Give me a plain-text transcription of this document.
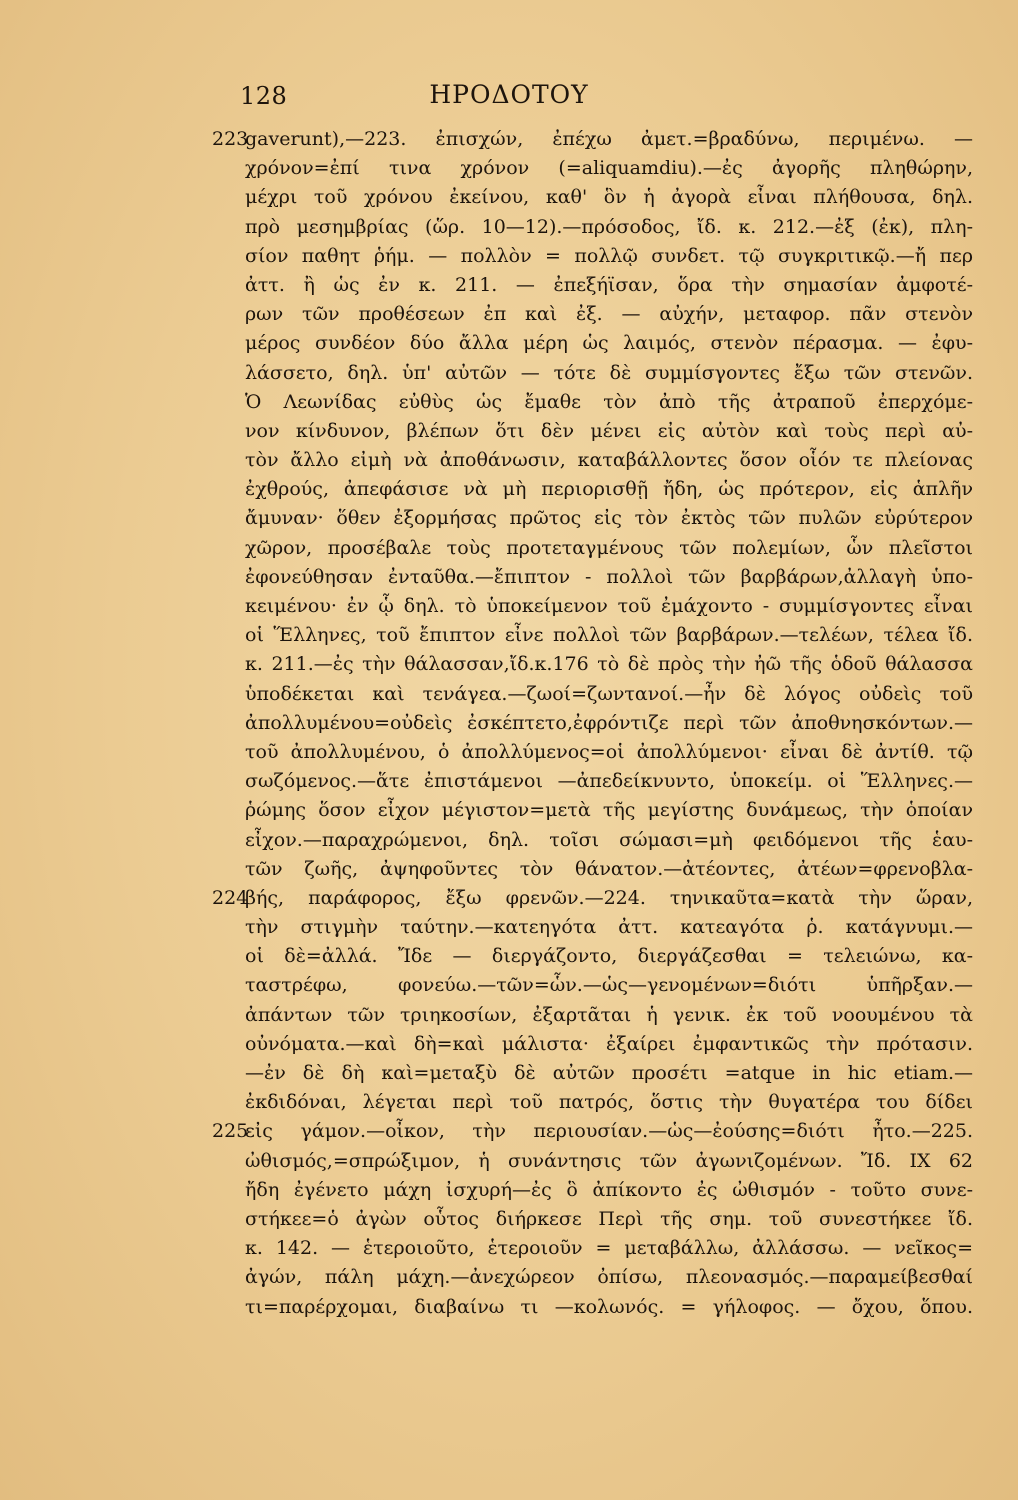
128	ΗΡΟΔΟΤΟΥ
223
gaverunt),—223. ἐπισχών, ἐπέχω ἀμετ.=βραδύνω, περιμένω. —
χρόνον=ἐπί τινα χρόνον (=aliquamdiu).—ἐς ἀγορῆς πληθώρην,
μέχρι τοῦ χρόνου ἐκείνου, καθ' ὃν ἡ ἀγορὰ εἶναι πλήθουσα, δηλ.
πρὸ μεσημβρίας (ὥρ. 10—12).—πρόσοδος, ἴδ. κ. 212.—ἐξ (ἐκ), πλη-
σίον παθητ ῥήμ. — πολλὸν = πολλῷ συνδετ. τῷ συγκριτικῷ.—ἤ περ
ἀττ. ἢ ὡς ἐν κ. 211. — ἐπεξήϊσαν, ὅρα τὴν σημασίαν ἀμφοτέ-
ρων τῶν προθέσεων ἐπ καὶ ἐξ. — αὐχήν, μεταφορ. πᾶν στενὸν
μέρος συνδέον δύο ἄλλα μέρη ὡς λαιμός, στενὸν πέρασμα. — ἐφυ-
λάσσετο, δηλ. ὑπ' αὐτῶν — τότε δὲ συμμίσγοντες ἔξω τῶν στενῶν.
Ὁ Λεωνίδας εὐθὺς ὡς ἔμαθε τὸν ἀπὸ τῆς ἀτραποῦ ἐπερχόμε-
νον κίνδυνον, βλέπων ὅτι δὲν μένει εἰς αὐτὸν καὶ τοὺς περὶ αὐ-
τὸν ἄλλο εἰμὴ νὰ ἀποθάνωσιν, καταβάλλοντες ὅσον οἷόν τε πλείονας
ἐχθρούς, ἀπεφάσισε νὰ μὴ περιορισθῇ ἤδη, ὡς πρότερον, εἰς ἁπλῆν
ἄμυναν· ὅθεν ἐξορμήσας πρῶτος εἰς τὸν ἐκτὸς τῶν πυλῶν εὐρύτερον
χῶρον, προσέβαλε τοὺς προτεταγμένους τῶν πολεμίων, ὧν πλεῖστοι
ἐφονεύθησαν ἐνταῦθα.—ἔπιπτον - πολλοὶ τῶν βαρβάρων,ἀλλαγὴ ὑπο-
κειμένου· ἐν ᾧ δηλ. τὸ ὑποκείμενον τοῦ ἐμάχοντο - συμμίσγοντες εἶναι
οἱ Ἕλληνες, τοῦ ἔπιπτον εἶνε πολλοὶ τῶν βαρβάρων.—τελέων, τέλεα ἴδ.
κ. 211.—ἐς τὴν θάλασσαν,ἴδ.κ.176 τὸ δὲ πρὸς τὴν ἠῶ τῆς ὁδοῦ θάλασσα
ὑποδέκεται καὶ τενάγεα.—ζωοί=ζωντανοί.—ἦν δὲ λόγος οὐδεὶς τοῦ
ἀπολλυμένου=οὐδεὶς ἐσκέπτετο,ἐφρόντιζε περὶ τῶν ἀποθνησκόντων.—
τοῦ ἀπολλυμένου, ὁ ἀπολλύμενος=οἱ ἀπολλύμενοι· εἶναι δὲ ἀντίθ. τῷ
σωζόμενος.—ἅτε ἐπιστάμενοι —ἀπεδείκνυντο, ὑποκείμ. οἱ Ἕλληνες.—
ῥώμης ὅσον εἶχον μέγιστον=μετὰ τῆς μεγίστης δυνάμεως, τὴν ὁποίαν
εἶχον.—παραχρώμενοι, δηλ. τοῖσι σώμασι=μὴ φειδόμενοι τῆς ἑαυ-
τῶν ζωῆς, ἀψηφοῦντες τὸν θάνατον.—ἀτέοντες, ἀτέων=φρενοβλα-
224
βής, παράφορος, ἔξω φρενῶν.—224. τηνικαῦτα=κατὰ τὴν ὥραν,
τὴν στιγμὴν ταύτην.—κατεηγότα ἀττ. κατεαγότα ῥ. κατάγνυμι.—
οἱ δὲ=ἀλλά. Ἴδε — διεργάζοντο, διεργάζεσθαι = τελειώνω, κα-
ταστρέφω, φονεύω.—τῶν=ὧν.—ὡς—γενομένων=διότι ὑπῆρξαν.—
ἀπάντων τῶν τριηκοσίων, ἐξαρτᾶται ἡ γενικ. ἐκ τοῦ νοουμένου τὰ
οὐνόματα.—καὶ δὴ=καὶ μάλιστα· ἐξαίρει ἐμφαντικῶς τὴν πρότασιν.
—ἐν δὲ δὴ καὶ=μεταξὺ δὲ αὐτῶν προσέτι =atque in hic etiam.—
ἐκδιδόναι, λέγεται περὶ τοῦ πατρός, ὅστις τὴν θυγατέρα του δίδει
225
εἰς γάμον.—οἶκον, τὴν περιουσίαν.—ὡς—ἐούσης=διότι ἦτο.—225.
ὠθισμός,=σπρώξιμον, ἡ συνάντησις τῶν ἀγωνιζομένων. Ἴδ. IX 62
ἤδη ἐγένετο μάχη ἰσχυρή—ἐς ὃ ἀπίκοντο ἐς ὠθισμόν - τοῦτο συνε-
στήκεε=ὁ ἀγὼν οὗτος διήρκεσε Περὶ τῆς σημ. τοῦ συνεστήκεε ἴδ.
κ. 142. — ἑτεροιοῦτο, ἑτεροιοῦν = μεταβάλλω, ἀλλάσσω. — νεῖκος=
ἀγών, πάλη μάχη.—ἀνεχώρεον ὀπίσω, πλεονασμός.—παραμείβεσθαί
τι=παρέρχομαι, διαβαίνω τι —κολωνός. = γήλοφος. — ὄχου, ὅπου.
